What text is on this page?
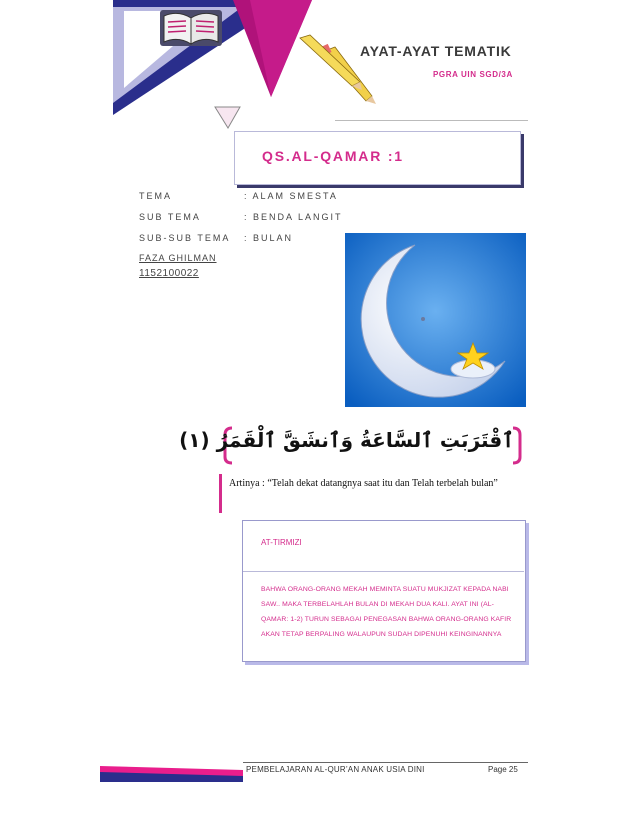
AYAT-AYAT TEMATIK
PGRA UIN SGD/3A
QS.AL-QAMAR :1
TEMA	: ALAM SMESTA
SUB TEMA	: BENDA LANGIT
SUB-SUB TEMA : BULAN
FAZA GHILMAN
1152100022
ٱقْتَرَبَتِ ٱلسَّاعَةُ وَٱنشَقَّ ٱلْقَمَرُ (١)
Artinya : “Telah dekat datangnya saat itu dan Telah terbelah bulan”
AT-TIRMIZI
BAHWA ORANG-ORANG MEKAH MEMINTA SUATU MUKJIZAT KEPADA NABI SAW.. MAKA TERBELAHLAH BULAN DI MEKAH DUA KALI. AYAT INI (AL-QAMAR: 1-2) TURUN SEBAGAI PENEGASAN BAHWA ORANG-ORANG KAFIR AKAN TETAP BERPALING WALAUPUN SUDAH DIPENUHI KEINGINANNYA
PEMBELAJARAN AL-QUR’AN ANAK USIA DINI	Page 25
